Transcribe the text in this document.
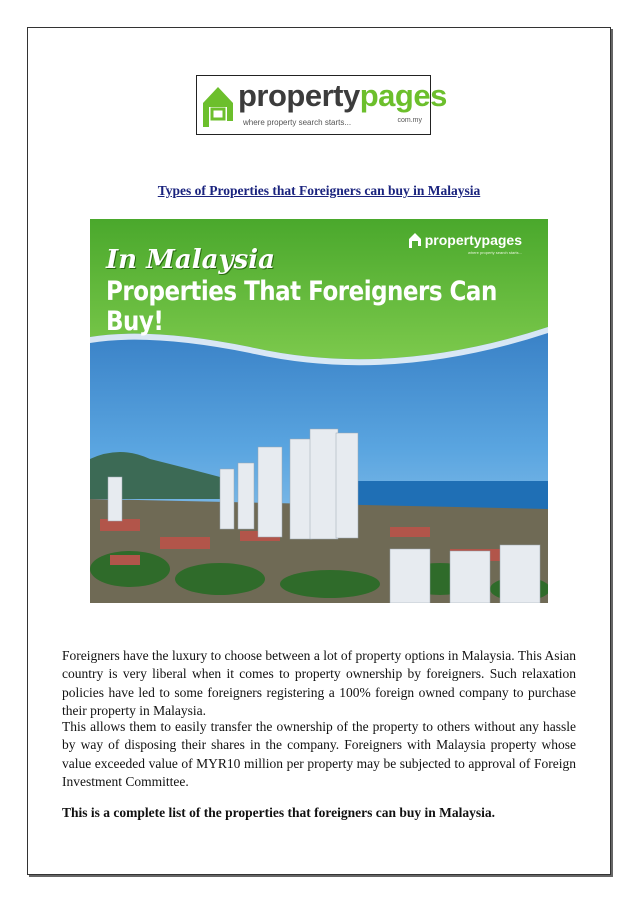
propertypages
where property search starts...	com.my
Types of Properties that Foreigners can buy in Malaysia
In Malaysia
Properties That Foreigners Can Buy!
propertypages
where property search starts...

Foreigners have the luxury to choose between a lot of property options in Malaysia. This Asian country is very liberal when it comes to property ownership by foreigners. Such relaxation policies have led to some foreigners registering a 100% foreign owned company to purchase their property in Malaysia.

This allows them to easily transfer the ownership of the property to others without any hassle by way of disposing their shares in the company. Foreigners with Malaysia property whose value exceeded value of MYR10 million per property may be subjected to approval of Foreign Investment Committee.

This is a complete list of the properties that foreigners can buy in Malaysia.
